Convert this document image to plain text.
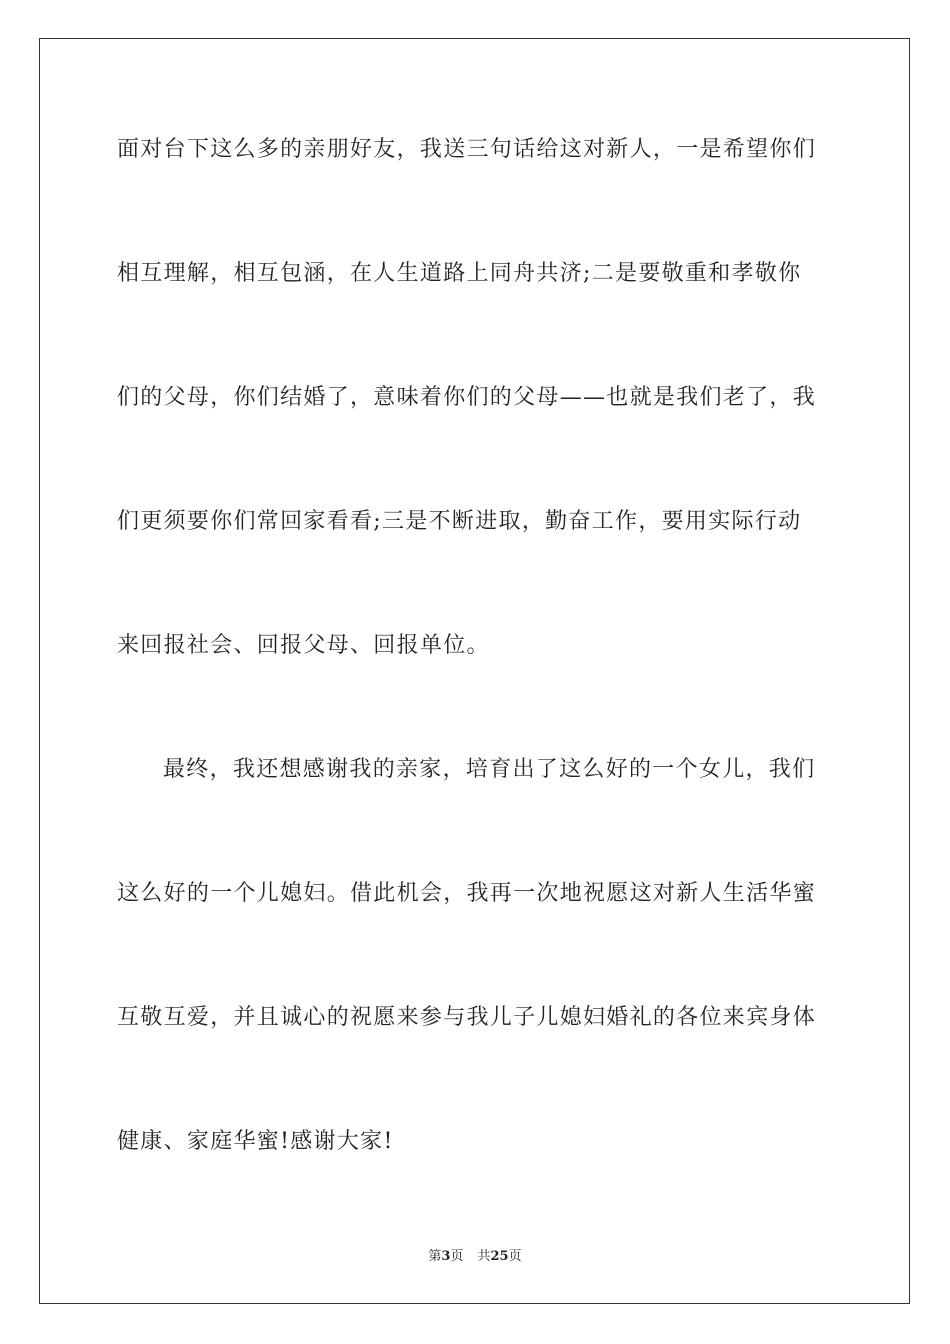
面对台下这么多的亲朋好友，我送三句话给这对新人，一是希望你们
相互理解，相互包涵，在人生道路上同舟共济;二是要敬重和孝敬你
们的父母，你们结婚了，意味着你们的父母——也就是我们老了，我
们更须要你们常回家看看;三是不断进取，勤奋工作，要用实际行动
来回报社会、回报父母、回报单位。
最终，我还想感谢我的亲家，培育出了这么好的一个女儿，我们
这么好的一个儿媳妇。借此机会，我再一次地祝愿这对新人生活华蜜
互敬互爱，并且诚心的祝愿来参与我儿子儿媳妇婚礼的各位来宾身体
健康、家庭华蜜!感谢大家!
第3页 共25页
